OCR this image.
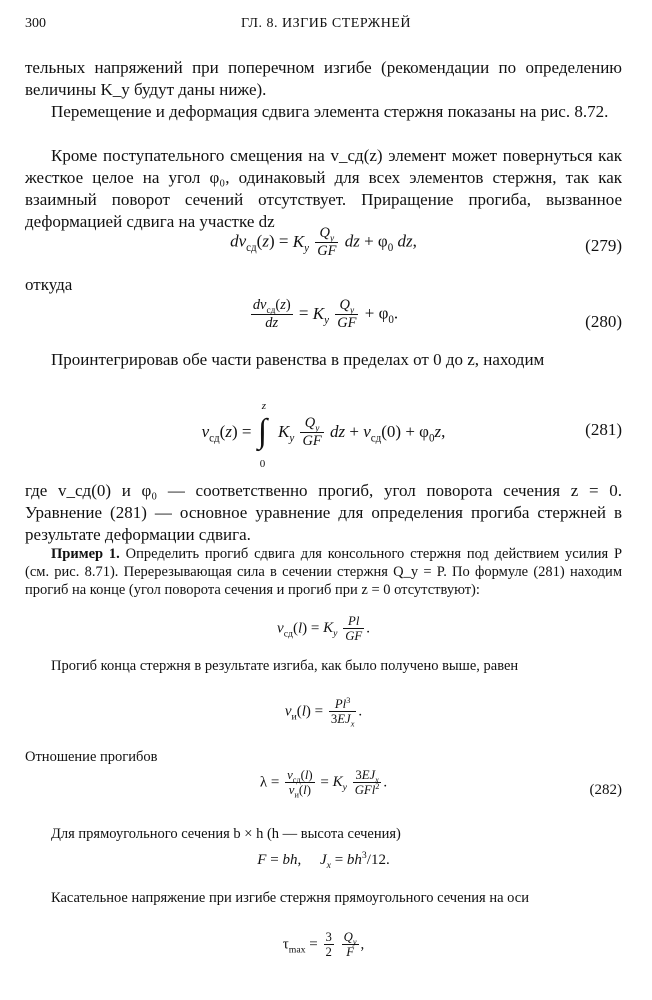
300	ГЛ. 8. ИЗГИБ СТЕРЖНЕЙ
тельных напряжений при поперечном изгибе (рекомендации по определению величины K_y будут даны ниже).
Перемещение и деформация сдвига элемента стержня показаны на рис. 8.72.
Кроме поступательного смещения на v_сд(z) элемент может повернуться как жесткое целое на угол φ₀, одинаковый для всех элементов стержня, так как взаимный поворот сечений отсутствует. Приращение прогиба, вызванное деформацией сдвига на участке dz
$dv_{сд}(z) = K_y \frac{Q_y}{GF}$ dz + $\varphi_0$ dz,	(279)
откуда
$dv_{сд}(z)$
dz
= $K_y \frac{Q_y}{GF} + \varphi_0$.	(280)
Проинтегрировав обе части равенства в пределах от 0 до z, находим
$v_{сд}(z)$ =
z
∫
0
$K_y \frac{Q_y}{GF}$ dz + $v_{сд}(0) + \varphi_0z$,	(281)
где v_сд(0) и φ₀ — соответственно прогиб, угол поворота сечения z = 0. Уравнение (281) — основное уравнение для определения прогиба стержней в результате деформации сдвига.
Пример 1. Определить прогиб сдвига для консольного стержня под действием усилия P (см. рис. 8.71). Перерезывающая сила в сечении стержня Q_y = P. По формуле (281) находим прогиб на конце (угол поворота сечения и прогиб при z = 0 отсутствуют):
$v_{сд}(l) = K_y \frac{Pl}{GF}$ .
Прогиб конца стержня в результате изгиба, как было получено выше, равен
$v_и(l) = Pl^3$
$3EJ_x$
.
Отношение прогибов
$\lambda = v_{сд}(l)$
$v_и(l) = K_y$
$3EJ_x$
GFl$^2$ .	(282)
Для прямоугольного сечения b × h (h — высота сечения)
F = bh,     $J_x = bh^3/12$.
Касательное напряжение при изгибе стержня прямоугольного сечения на оси
$\tau_{max} = \frac{3}{2}$
$\frac{Q_y}{F}$ ,
